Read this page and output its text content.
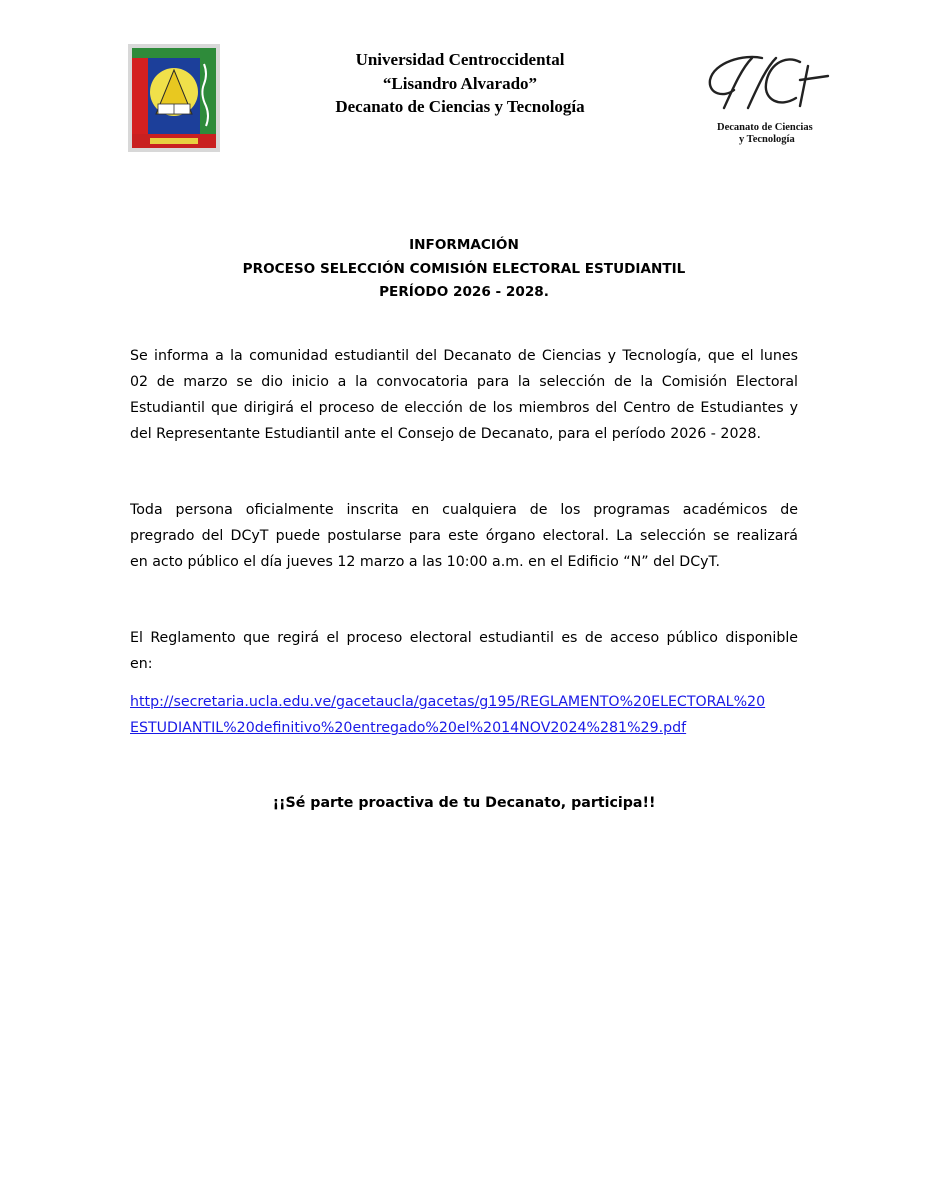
Universidad Centroccidental
“Lisandro Alvarado”
Decanato de Ciencias y Tecnología
Decanato de Ciencias
y Tecnología
INFORMACIÓN
PROCESO SELECCIÓN COMISIÓN ELECTORAL ESTUDIANTIL
PERÍODO 2026 - 2028.
Se informa a la comunidad estudiantil del Decanato de Ciencias y Tecnología, que el lunes
02 de marzo se dio inicio a la convocatoria para la selección de la Comisión Electoral
Estudiantil que dirigirá el proceso de elección de los miembros del Centro de Estudiantes y
del Representante Estudiantil ante el Consejo de Decanato, para el período 2026 - 2028.
Toda persona oficialmente inscrita en cualquiera de los programas académicos de
pregrado del DCyT puede postularse para este órgano electoral. La selección se realizará
en acto público el día jueves 12 marzo a las 10:00 a.m. en el Edificio “N” del DCyT.
El Reglamento que regirá el proceso electoral estudiantil es de acceso público disponible
en:
http://secretaria.ucla.edu.ve/gacetaucla/gacetas/g195/REGLAMENTO%20ELECTORAL%20
ESTUDIANTIL%20definitivo%20entregado%20el%2014NOV2024%281%29.pdf
¡¡Sé parte proactiva de tu Decanato, participa!!
